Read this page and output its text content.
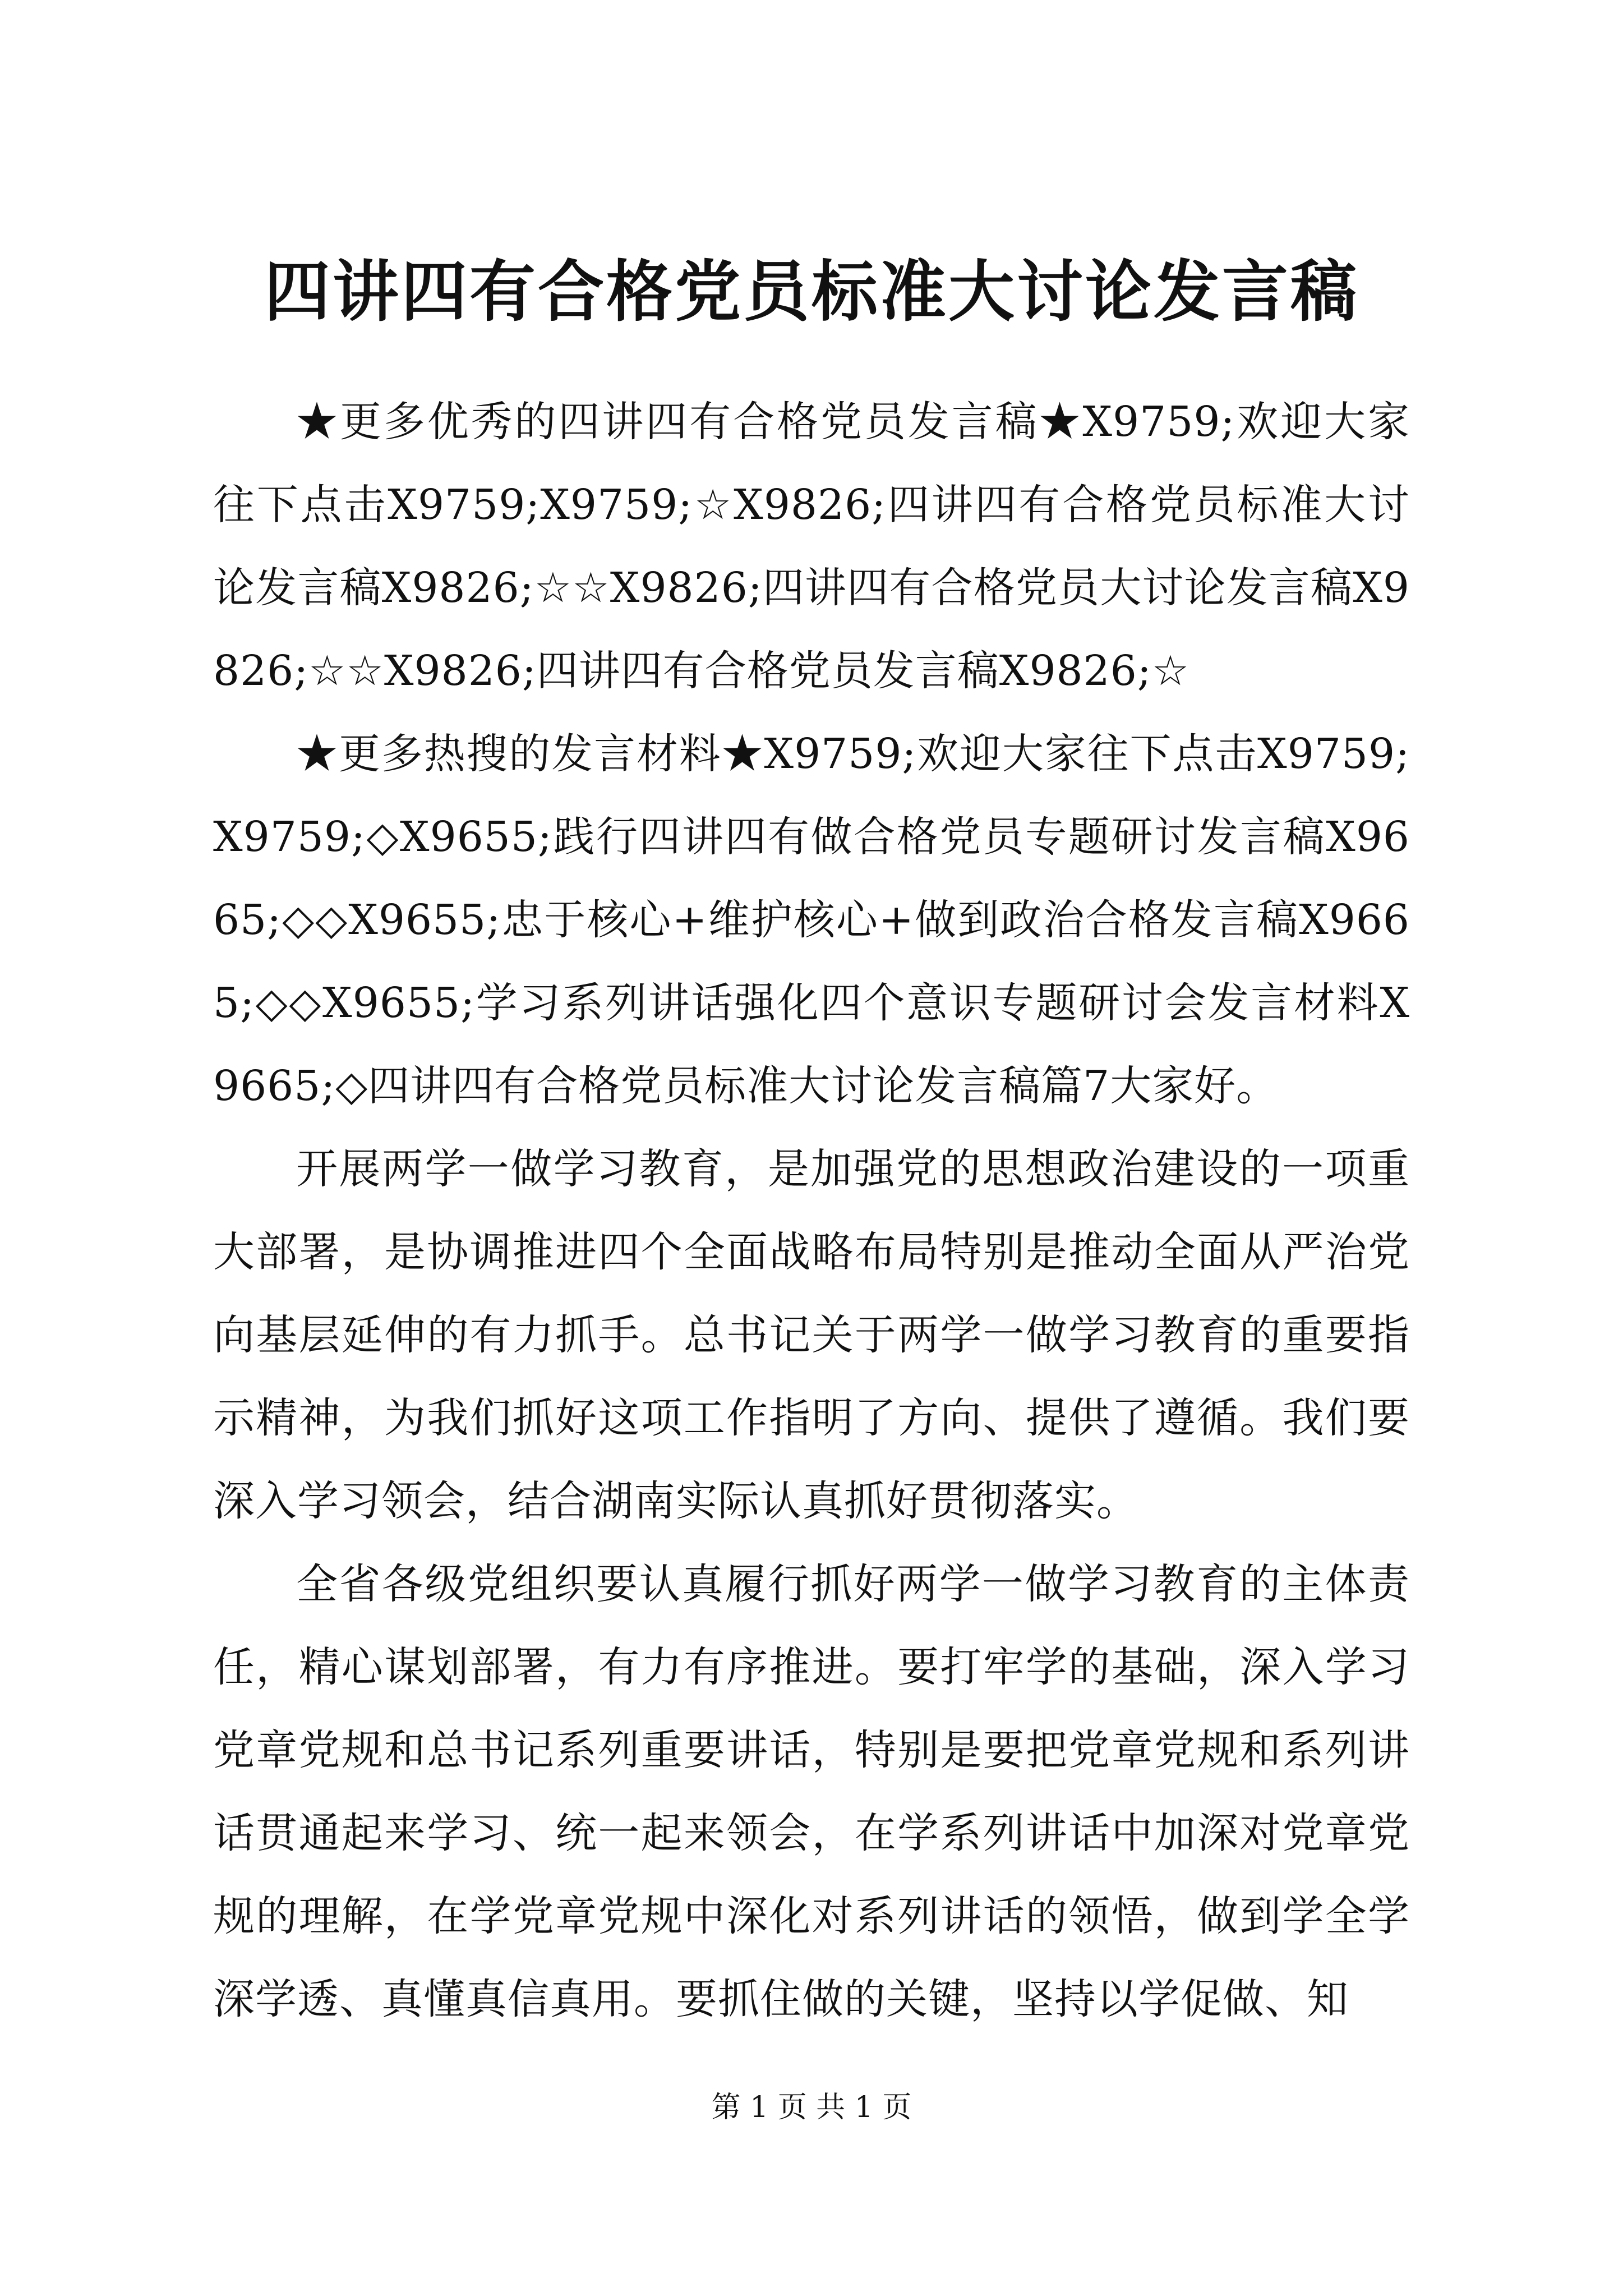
四讲四有合格党员标准大讨论发言稿

★更多优秀的四讲四有合格党员发言稿★X9759;欢迎大家往下点击X9759;X9759;☆X9826;四讲四有合格党员标准大讨论发言稿X9826;☆☆X9826;四讲四有合格党员大讨论发言稿X9826;☆☆X9826;四讲四有合格党员发言稿X9826;☆

★更多热搜的发言材料★X9759;欢迎大家往下点击X9759;X9759;◇X9655;践行四讲四有做合格党员专题研讨发言稿X9665;◇◇X9655;忠于核心+维护核心+做到政治合格发言稿X9665;◇◇X9655;学习系列讲话强化四个意识专题研讨会发言材料X9665;◇四讲四有合格党员标准大讨论发言稿篇7大家好。

开展两学一做学习教育，是加强党的思想政治建设的一项重大部署，是协调推进四个全面战略布局特别是推动全面从严治党向基层延伸的有力抓手。总书记关于两学一做学习教育的重要指示精神，为我们抓好这项工作指明了方向、提供了遵循。我们要深入学习领会，结合湖南实际认真抓好贯彻落实。

全省各级党组织要认真履行抓好两学一做学习教育的主体责任，精心谋划部署，有力有序推进。要打牢学的基础，深入学习党章党规和总书记系列重要讲话，特别是要把党章党规和系列讲话贯通起来学习、统一起来领会，在学系列讲话中加深对党章党规的理解，在学党章党规中深化对系列讲话的领悟，做到学全学深学透、真懂真信真用。要抓住做的关键，坚持以学促做、知

第 1 页 共 1 页
